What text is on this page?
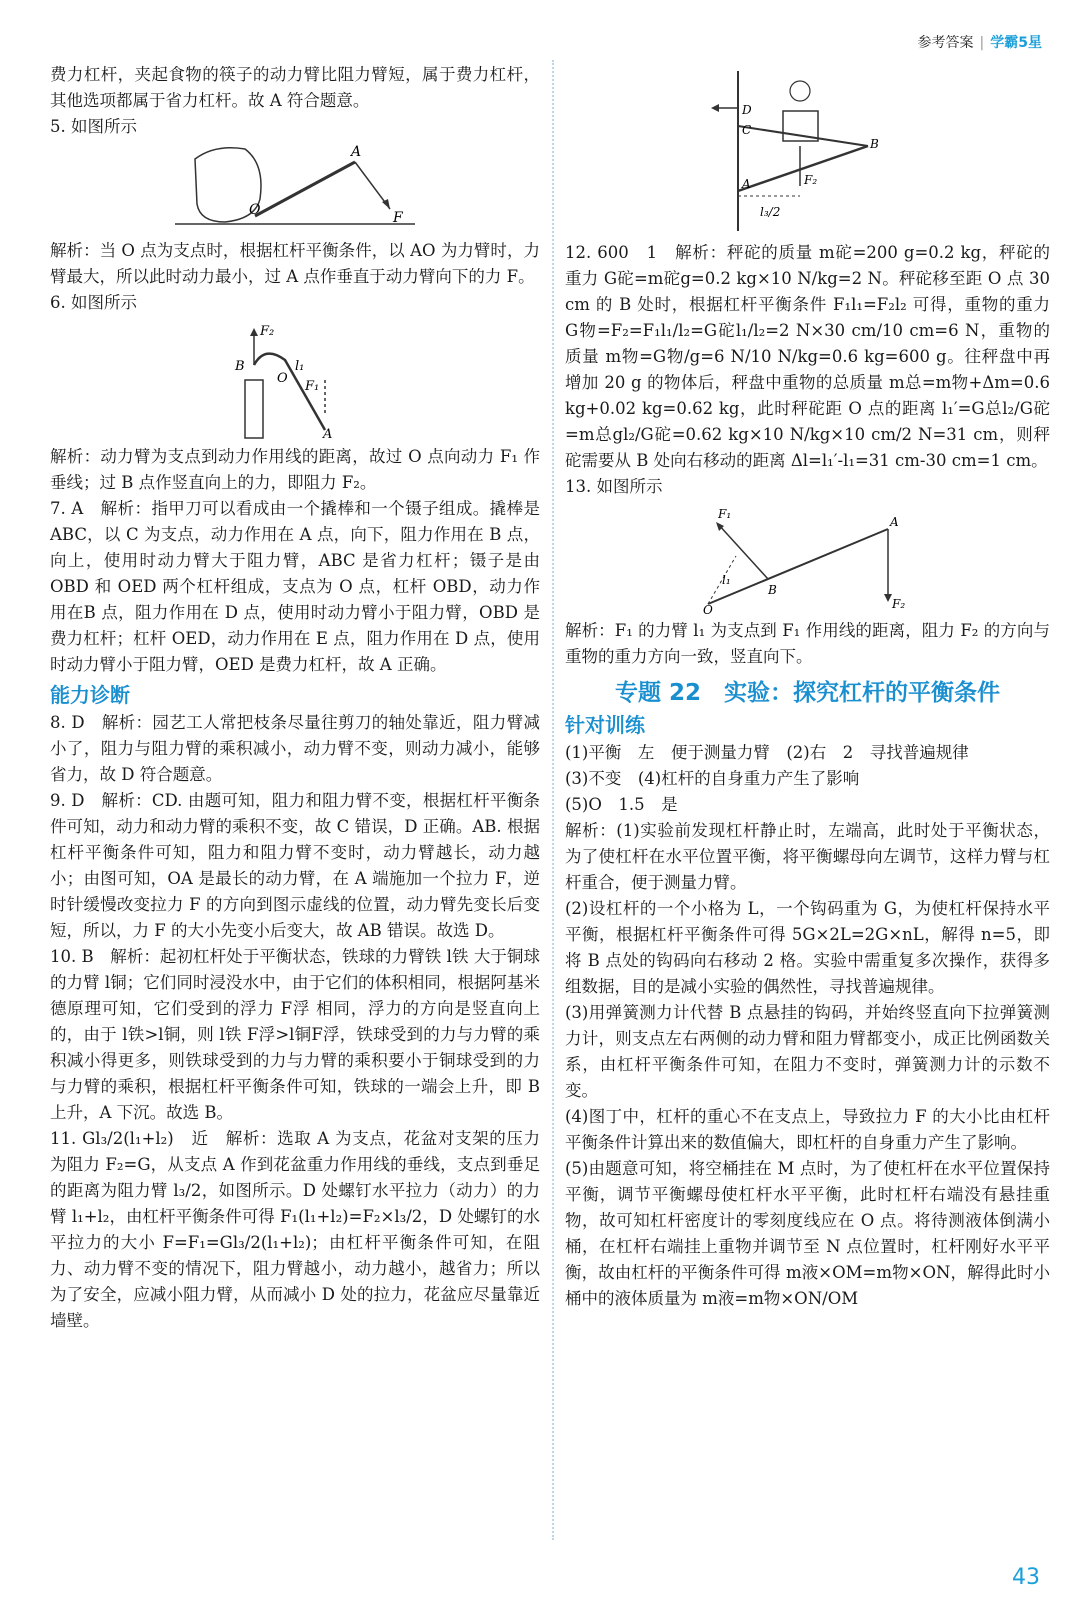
参考答案 | 学霸5星

费力杠杆，夹起食物的筷子的动力臂比阻力臂短，属于费力杠杆，其他选项都属于省力杠杆。故 A 符合题意。

5. 如图所示

A
O	F

解析：当 O 点为支点时，根据杠杆平衡条件，以 AO 为力臂时，力臂最大，所以此时动力最小，过 A 点作垂直于动力臂向下的力 F。

6. 如图所示

B
O
F₂
F₁
l₁
A

解析：动力臂为支点到动力作用线的距离，故过 O 点向动力 F₁ 作垂线；过 B 点作竖直向上的力，即阻力 F₂。

7. A　解析：指甲刀可以看成由一个撬棒和一个镊子组成。撬棒是 ABC，以 C 为支点，动力作用在 A 点，向下，阻力作用在 B 点，向上，使用时动力臂大于阻力臂，ABC 是省力杠杆；镊子是由 OBD 和 OED 两个杠杆组成，支点为 O 点，杠杆 OBD，动力作用在B 点，阻力作用在 D 点，使用时动力臂小于阻力臂，OBD 是费力杠杆；杠杆 OED，动力作用在 E 点，阻力作用在 D 点，使用时动力臂小于阻力臂，OED 是费力杠杆，故 A 正确。

能力诊断

8. D　解析：园艺工人常把枝条尽量往剪刀的轴处靠近，阻力臂减小了，阻力与阻力臂的乘积减小，动力臂不变，则动力减小，能够省力，故 D 符合题意。

9. D　解析：CD. 由题可知，阻力和阻力臂不变，根据杠杆平衡条件可知，动力和动力臂的乘积不变，故 C 错误，D 正确。AB. 根据杠杆平衡条件可知，阻力和阻力臂不变时，动力臂越长，动力越小；由图可知，OA 是最长的动力臂，在 A 端施加一个拉力 F，逆时针缓慢改变拉力 F 的方向到图示虚线的位置，动力臂先变长后变短，所以，力 F 的大小先变小后变大，故 AB 错误。故选 D。

10. B　解析：起初杠杆处于平衡状态，铁球的力臂铁 l铁 大于铜球的力臂 l铜；它们同时浸没水中，由于它们的体积相同，根据阿基米德原理可知，它们受到的浮力 F浮 相同，浮力的方向是竖直向上的，由于 l铁>l铜，则 l铁 F浮>l铜F浮，铁球受到的力与力臂的乘积减小得更多，则铁球受到的力与力臂的乘积要小于铜球受到的力与力臂的乘积，根据杠杆平衡条件可知，铁球的一端会上升，即 B 上升，A 下沉。故选 B。

11. Gl₃/2(l₁+l₂)　近　解析：选取 A 为支点，花盆对支架的压力为阻力 F₂=G，从支点 A 作到花盆重力作用线的垂线，支点到垂足的距离为阻力臂 l₃/2，如图所示。D 处螺钉水平拉力（动力）的力臂 l₁+l₂，由杠杆平衡条件可得 F₁(l₁+l₂)=F₂×l₃/2，D 处螺钉的水平拉力的大小 F=F₁=Gl₃/2(l₁+l₂)；由杠杆平衡条件可知，在阻力、动力臂不变的情况下，阻力臂越小，动力越小，越省力；所以为了安全，应减小阻力臂，从而减小 D 处的拉力，花盆应尽量靠近墙壁。

D
C
B
A	F₂
l₃/2

12. 600　1　解析：秤砣的质量 m砣=200 g=0.2 kg，秤砣的重力 G砣=m砣g=0.2 kg×10 N/kg=2 N。秤砣移至距 O 点 30 cm 的 B 处时，根据杠杆平衡条件 F₁l₁=F₂l₂ 可得，重物的重力 G物=F₂=F₁l₁/l₂=G砣l₁/l₂=2 N×30 cm/10 cm=6 N，重物的质量 m物=G物/g=6 N/10 N/kg=0.6 kg=600 g。往秤盘中再增加 20 g 的物体后，秤盘中重物的总质量 m总=m物+Δm=0.6 kg+0.02 kg=0.62 kg，此时秤砣距 O 点的距离 l₁′=G总l₂/G砣=m总gl₂/G砣=0.62 kg×10 N/kg×10 cm/2 N=31 cm，则秤砣需要从 B 处向右移动的距离 Δl=l₁′-l₁=31 cm-30 cm=1 cm。

13. 如图所示

O
B
A
F₁
F₂
l₁

解析：F₁ 的力臂 l₁ 为支点到 F₁ 作用线的距离，阻力 F₂ 的方向与重物的重力方向一致，竖直向下。

专题 22　实验：探究杠杆的平衡条件
针对训练

(1)平衡　左　便于测量力臂　(2)右　2　寻找普遍规律

(3)不变　(4)杠杆的自身重力产生了影响

(5)O　1.5　是

解析：(1)实验前发现杠杆静止时，左端高，此时处于平衡状态，为了使杠杆在水平位置平衡，将平衡螺母向左调节，这样力臂与杠杆重合，便于测量力臂。

(2)设杠杆的一个小格为 L，一个钩码重为 G，为使杠杆保持水平平衡，根据杠杆平衡条件可得 5G×2L=2G×nL，解得 n=5，即将 B 点处的钩码向右移动 2 格。实验中需重复多次操作，获得多组数据，目的是减小实验的偶然性，寻找普遍规律。

(3)用弹簧测力计代替 B 点悬挂的钩码，并始终竖直向下拉弹簧测力计，则支点左右两侧的动力臂和阻力臂都变小，成正比例函数关系，由杠杆平衡条件可知，在阻力不变时，弹簧测力计的示数不变。

(4)图丁中，杠杆的重心不在支点上，导致拉力 F 的大小比由杠杆平衡条件计算出来的数值偏大，即杠杆的自身重力产生了影响。

(5)由题意可知，将空桶挂在 M 点时，为了使杠杆在水平位置保持平衡，调节平衡螺母使杠杆水平平衡，此时杠杆右端没有悬挂重物，故可知杠杆密度计的零刻度线应在 O 点。将待测液体倒满小桶，在杠杆右端挂上重物并调节至 N 点位置时，杠杆刚好水平平衡，故由杠杆的平衡条件可得 m液×OM=m物×ON，解得此时小桶中的液体质量为 m液=m物×ON/OM

43
